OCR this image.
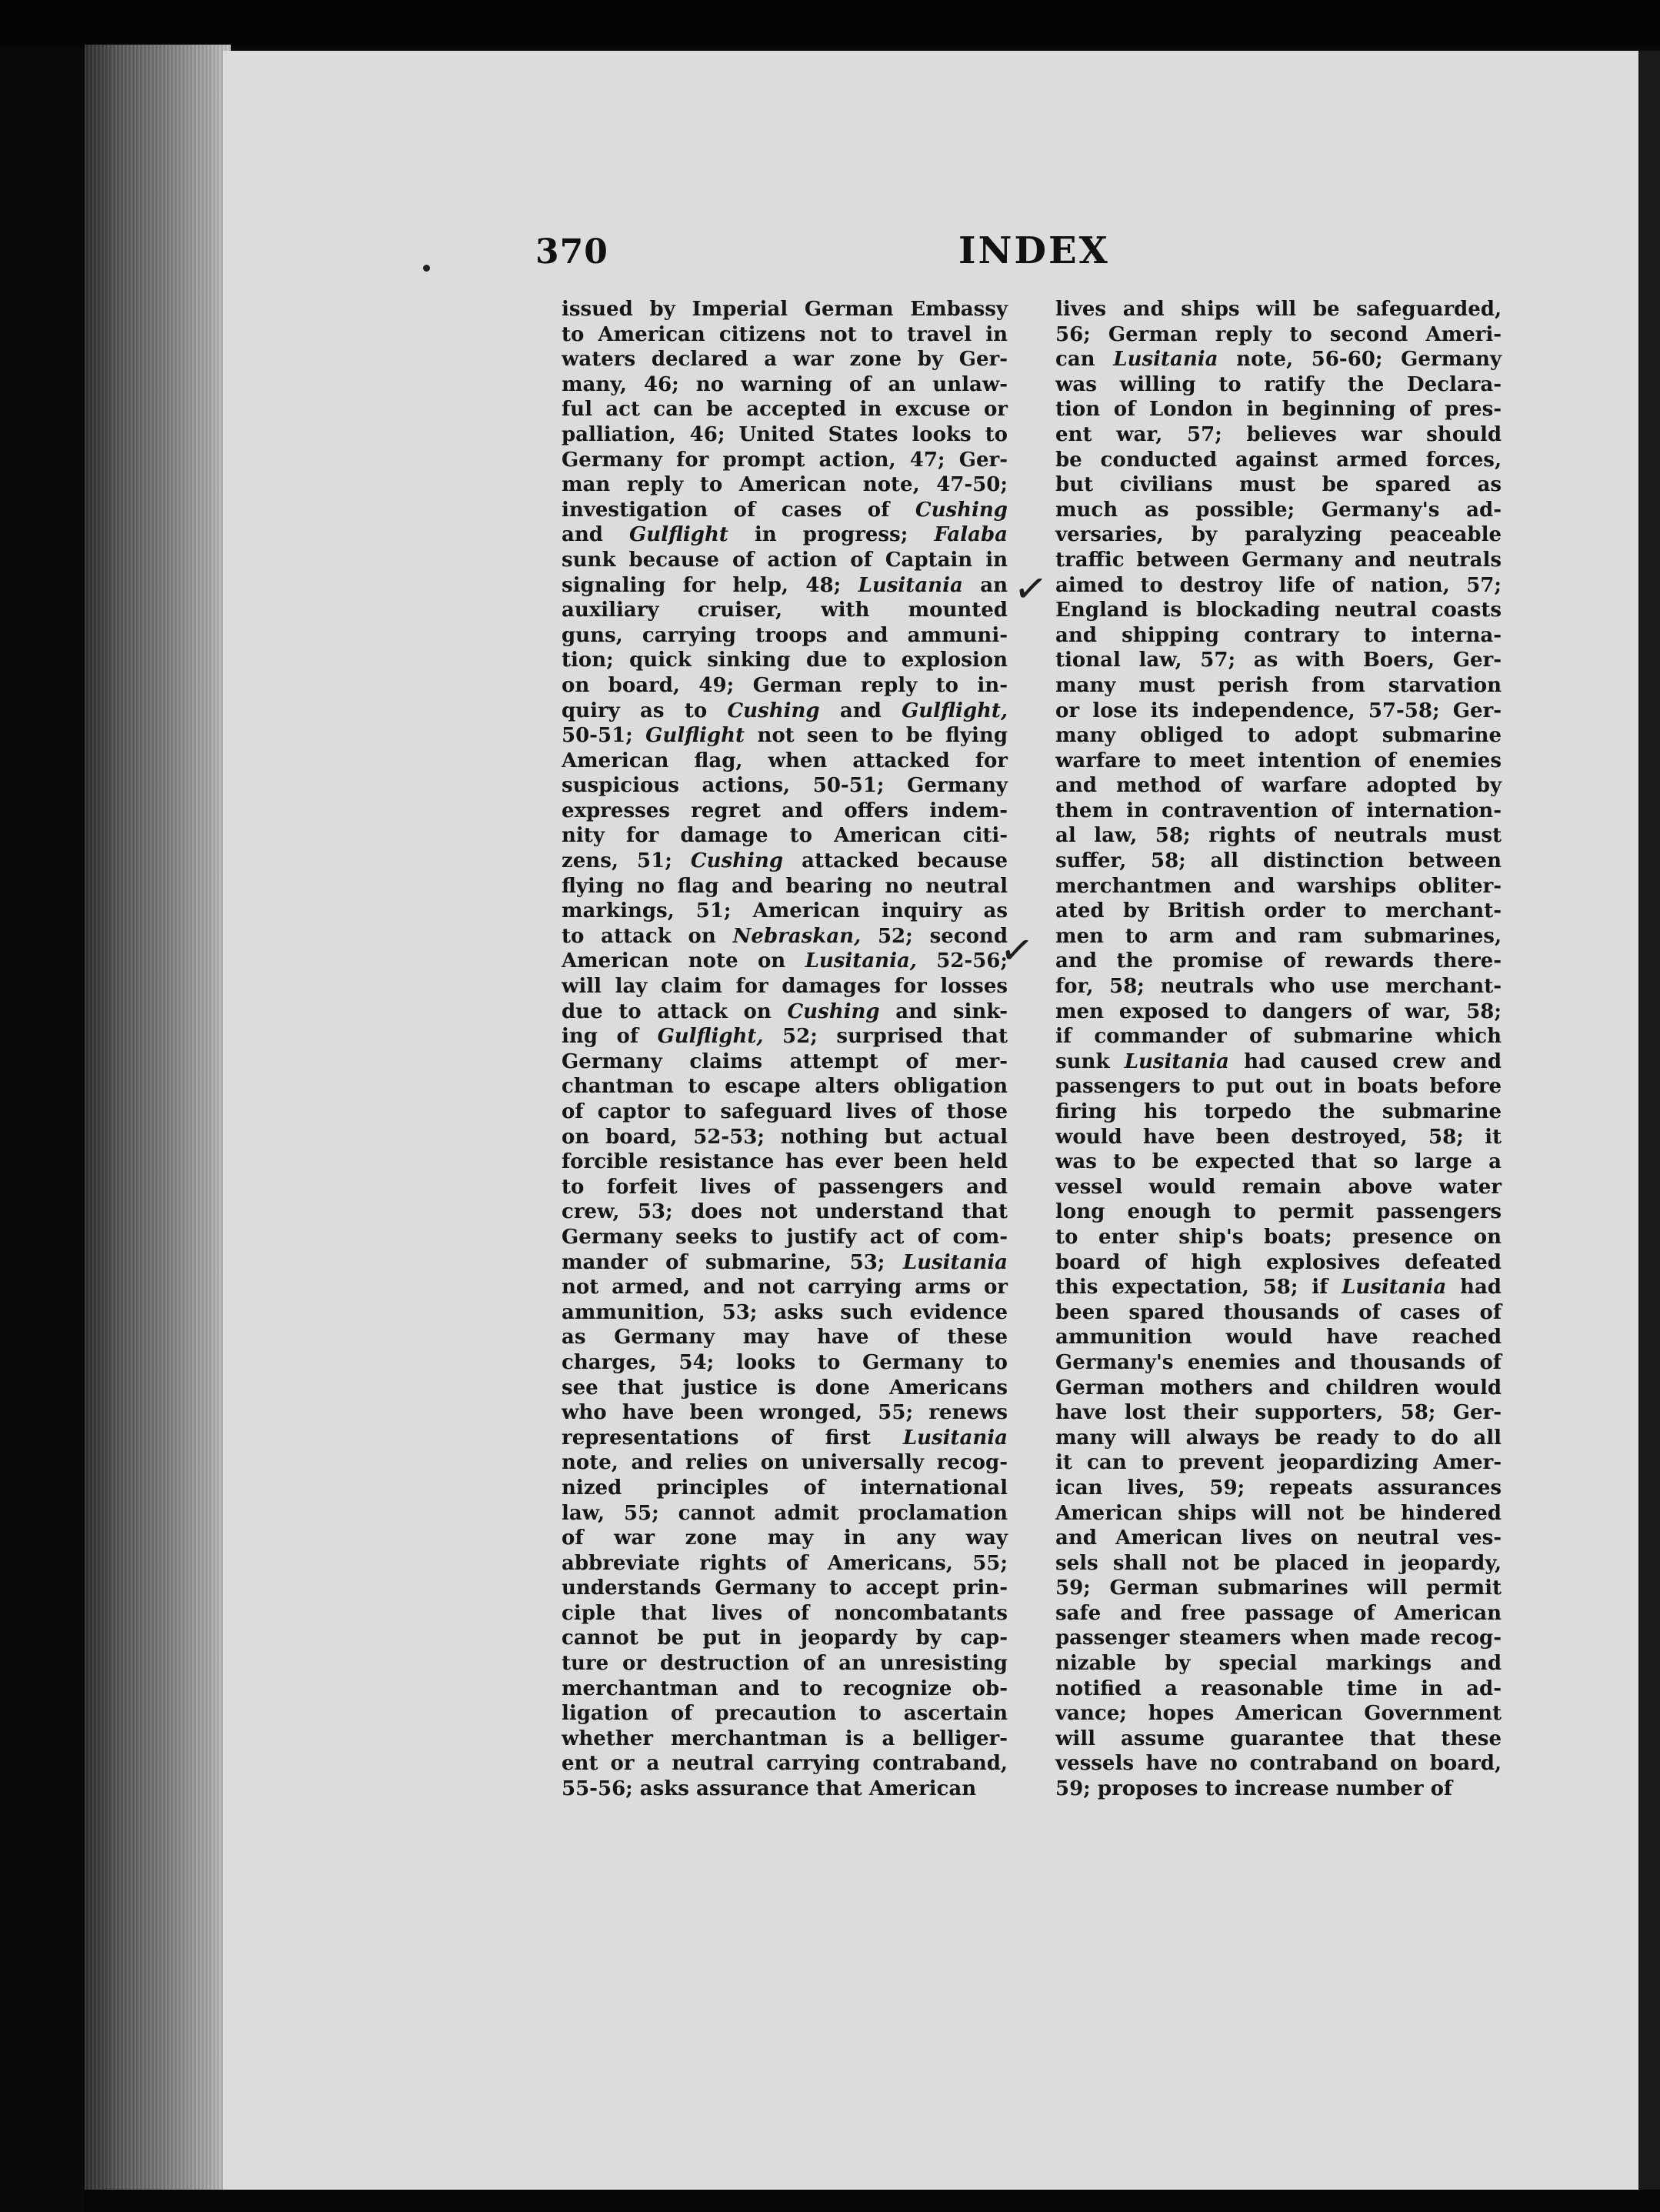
370	INDEX
issued by Imperial German Embassy
to American citizens not to travel in
waters declared a war zone by Ger-
many, 46; no warning of an unlaw-
ful act can be accepted in excuse or
palliation, 46; United States looks to
Germany for prompt action, 47; Ger-
man reply to American note, 47-50;
investigation of cases of Cushing
and Gulflight in progress; Falaba
sunk because of action of Captain in
signaling for help, 48; Lusitania an
auxiliary cruiser, with mounted
guns, carrying troops and ammuni-
tion; quick sinking due to explosion
on board, 49; German reply to in-
quiry as to Cushing and Gulflight,
50-51; Gulflight not seen to be flying
American flag, when attacked for
suspicious actions, 50-51; Germany
expresses regret and offers indem-
nity for damage to American citi-
zens, 51; Cushing attacked because
flying no flag and bearing no neutral
markings, 51; American inquiry as
to attack on Nebraskan, 52; second
American note on Lusitania, 52-56;
will lay claim for damages for losses
due to attack on Cushing and sink-
ing of Gulflight, 52; surprised that
Germany claims attempt of mer-
chantman to escape alters obligation
of captor to safeguard lives of those
on board, 52-53; nothing but actual
forcible resistance has ever been held
to forfeit lives of passengers and
crew, 53; does not understand that
Germany seeks to justify act of com-
mander of submarine, 53; Lusitania
not armed, and not carrying arms or
ammunition, 53; asks such evidence
as Germany may have of these
charges, 54; looks to Germany to
see that justice is done Americans
who have been wronged, 55; renews
representations of first Lusitania
note, and relies on universally recog-
nized principles of international
law, 55; cannot admit proclamation
of war zone may in any way
abbreviate rights of Americans, 55;
understands Germany to accept prin-
ciple that lives of noncombatants
cannot be put in jeopardy by cap-
ture or destruction of an unresisting
merchantman and to recognize ob-
ligation of precaution to ascertain
whether merchantman is a belliger-
ent or a neutral carrying contraband,
55-56; asks assurance that American
lives and ships will be safeguarded,
56; German reply to second Ameri-
can Lusitania note, 56-60; Germany
was willing to ratify the Declara-
tion of London in beginning of pres-
ent war, 57; believes war should
be conducted against armed forces,
but civilians must be spared as
much as possible; Germany's ad-
versaries, by paralyzing peaceable
traffic between Germany and neutrals
aimed to destroy life of nation, 57;
England is blockading neutral coasts
and shipping contrary to interna-
tional law, 57; as with Boers, Ger-
many must perish from starvation
or lose its independence, 57-58; Ger-
many obliged to adopt submarine
warfare to meet intention of enemies
and method of warfare adopted by
them in contravention of internation-
al law, 58; rights of neutrals must
suffer, 58; all distinction between
merchantmen and warships obliter-
ated by British order to merchant-
men to arm and ram submarines,
and the promise of rewards there-
for, 58; neutrals who use merchant-
men exposed to dangers of war, 58;
if commander of submarine which
sunk Lusitania had caused crew and
passengers to put out in boats before
firing his torpedo the submarine
would have been destroyed, 58; it
was to be expected that so large a
vessel would remain above water
long enough to permit passengers
to enter ship's boats; presence on
board of high explosives defeated
this expectation, 58; if Lusitania had
been spared thousands of cases of
ammunition would have reached
Germany's enemies and thousands of
German mothers and children would
have lost their supporters, 58; Ger-
many will always be ready to do all
it can to prevent jeopardizing Amer-
ican lives, 59; repeats assurances
American ships will not be hindered
and American lives on neutral ves-
sels shall not be placed in jeopardy,
59; German submarines will permit
safe and free passage of American
passenger steamers when made recog-
nizable by special markings and
notified a reasonable time in ad-
vance; hopes American Government
will assume guarantee that these
vessels have no contraband on board,
59; proposes to increase number of
✓
✓
